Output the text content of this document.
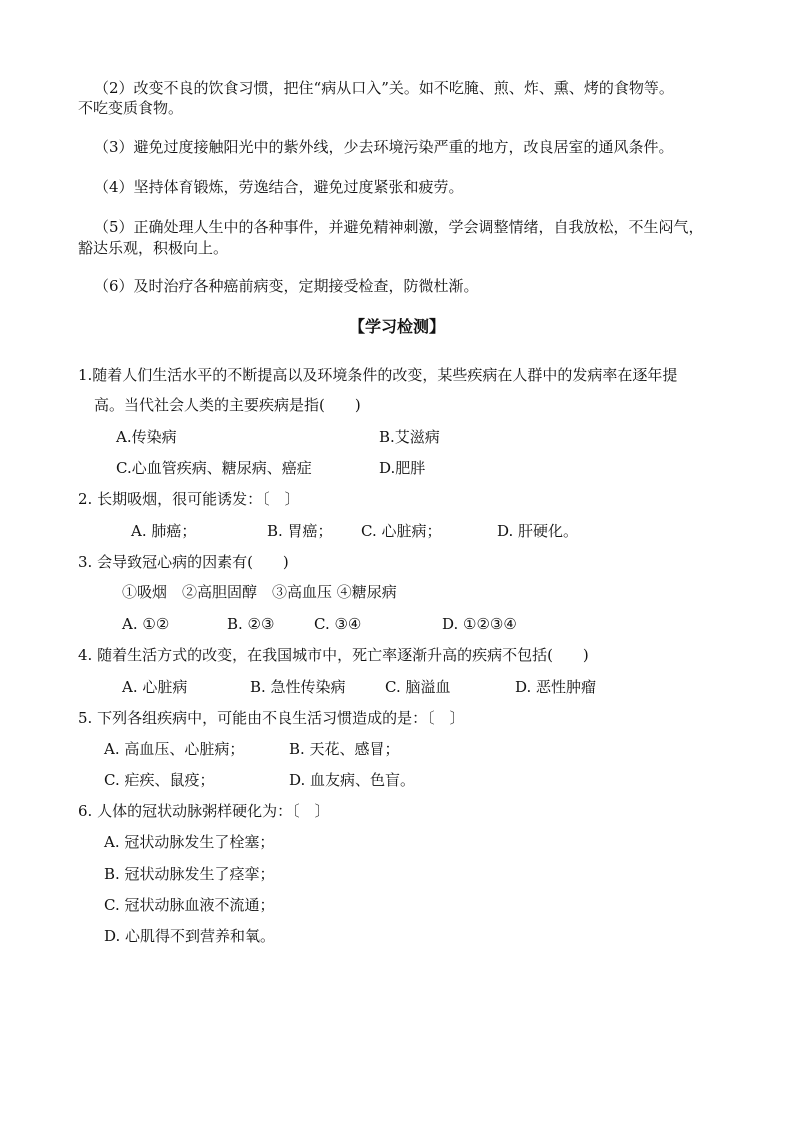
（2）改变不良的饮食习惯，把住“病从口入”关。如不吃腌、煎、炸、熏、烤的食物等。
不吃变质食物。
（3）避免过度接触阳光中的紫外线，少去环境污染严重的地方，改良居室的通风条件。
（4）坚持体育锻炼，劳逸结合，避免过度紧张和疲劳。
（5）正确处理人生中的各种事件，并避免精神刺激，学会调整情绪，自我放松，不生闷气，
豁达乐观，积极向上。
（6）及时治疗各种癌前病变，定期接受检查，防微杜渐。
【学习检测】
1.随着人们生活水平的不断提高以及环境条件的改变，某些疾病在人群中的发病率在逐年提
高。当代社会人类的主要疾病是指(　　)
A.传染病	B.艾滋病
C.心血管疾病、糖尿病、癌症	D.肥胖
2. 长期吸烟，很可能诱发：〔　〕
A. 肺癌；	B. 胃癌； C. 心脏病；	D. 肝硬化。
3. 会导致冠心病的因素有(　　)
①吸烟　②高胆固醇　③高血压 ④糖尿病
A. ①②	B. ②③	C. ③④	D. ①②③④
4. 随着生活方式的改变，在我国城市中，死亡率逐渐升高的疾病不包括(　　)
A. 心脏病	B. 急性传染病	C. 脑溢血	D. 恶性肿瘤
5. 下列各组疾病中，可能由不良生活习惯造成的是：〔　〕
A. 高血压、心脏病；	B. 天花、感冒；
C. 疟疾、鼠疫；	D. 血友病、色盲。
6. 人体的冠状动脉粥样硬化为：〔　〕
A. 冠状动脉发生了栓塞；
B. 冠状动脉发生了痉挛；
C. 冠状动脉血液不流通；
D. 心肌得不到营养和氧。
